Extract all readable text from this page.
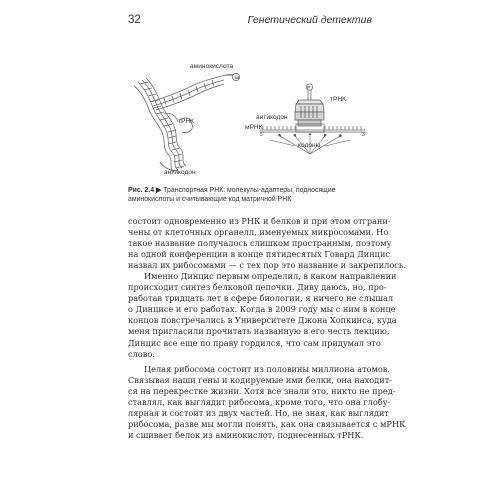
32	Генетический детектив
аа
аминокислота
тРНК
антикодон
P
тРНК
антикодон
мРНК
5'	3'
кодоны
Рис. 2.4 ▶ Транспортная РНК: молекулы-адаптеры, подносящие
аминокислоты и считывающие код матричной РНК
состоит одновременно из РНК и белков и при этом отграни-
чены от клеточных органелл, именуемых микросомами. Но
такое название получалось слишком пространным, поэтому
на одной конференции в конце пятидесятых Говард Динцис
назвал их рибосомами — с тех пор это название и закрепилось.
Именно Динцис первым определил, в каком направлении
происходит синтез белковой цепочки. Диву даюсь, но, про-
работав тридцать лет в сфере биологии, я ничего не слышал
о Динцисе и его работах. Когда в 2009 году мы с ним в конце
концов повстречались в Университете Джона Хопкинса, куда
меня пригласили прочитать названную в его честь лекцию,
Динцис все еще по праву гордился, что сам придумал это
слово.
Целая рибосома состоит из половины миллиона атомов.
Связывая наши гены и кодируемые ими белки, она находит-
ся на перекрестке жизни. Хотя все знали это, никто не пред-
ставлял, как выглядит рибосома, кроме того, что она глобу-
лярная и состоит из двух частей. Но, не зная, как выглядит
рибосома, разве мы могли понять, как она связывается с мРНК
и сшивает белок из аминокислот, поднесенных тРНК.
